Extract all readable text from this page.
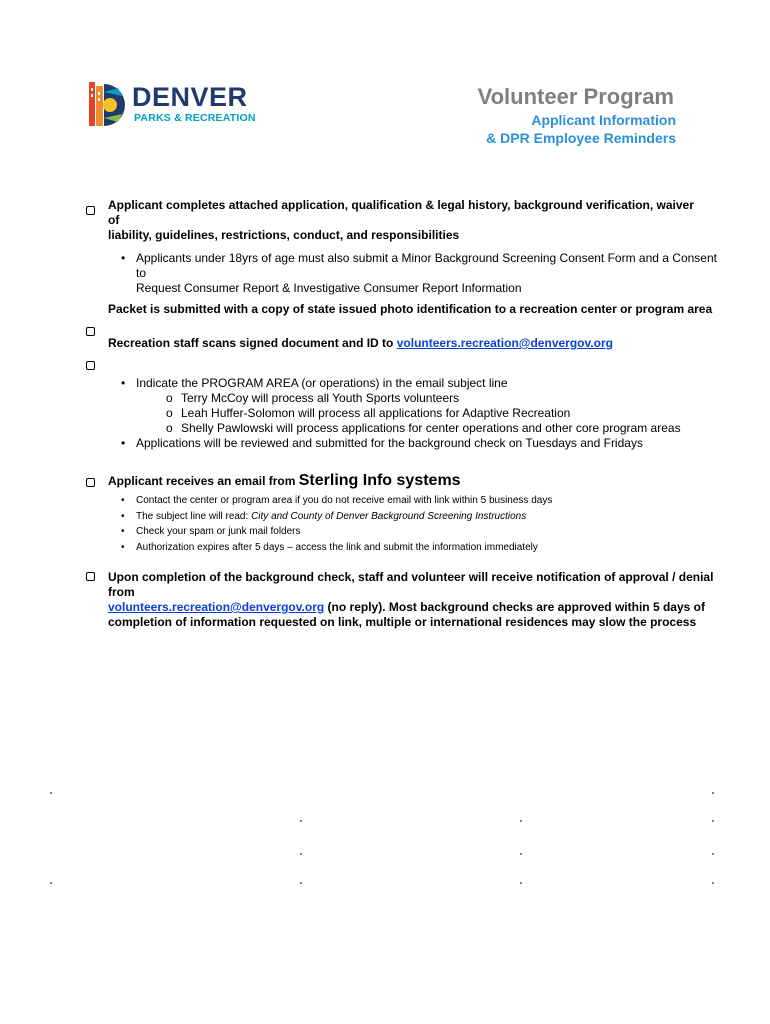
DENVER
PARKS & RECREATION
Volunteer Program
Applicant Information
& DPR Employee Reminders
Applicant completes attached application, qualification & legal history, background verification, waiver of
liability, guidelines, restrictions, conduct, and responsibilities
• Applicants under 18yrs of age must also submit a Minor Background Screening Consent Form and a Consent to
Request Consumer Report & Investigative Consumer Report Information
Packet is submitted with a copy of state issued photo identification to a recreation center or program area
Recreation staff scans signed document and ID to volunteers.recreation@denvergov.org
• Indicate the PROGRAM AREA (or operations) in the email subject line
o Terry McCoy will process all Youth Sports volunteers
o Leah Huffer-Solomon will process all applications for Adaptive Recreation
o Shelly Pawlowski will process applications for center operations and other core program areas
• Applications will be reviewed and submitted for the background check on Tuesdays and Fridays
Applicant receives an email from Sterling Info systems
• Contact the center or program area if you do not receive email with link within 5 business days
• The subject line will read: City and County of Denver Background Screening Instructions
• Check your spam or junk mail folders
• Authorization expires after 5 days – access the link and submit the information immediately
Upon completion of the background check, staff and volunteer will receive notification of approval / denial from
volunteers.recreation@denvergov.org (no reply). Most background checks are approved within 5 days of
completion of information requested on link, multiple or international residences may slow the process
